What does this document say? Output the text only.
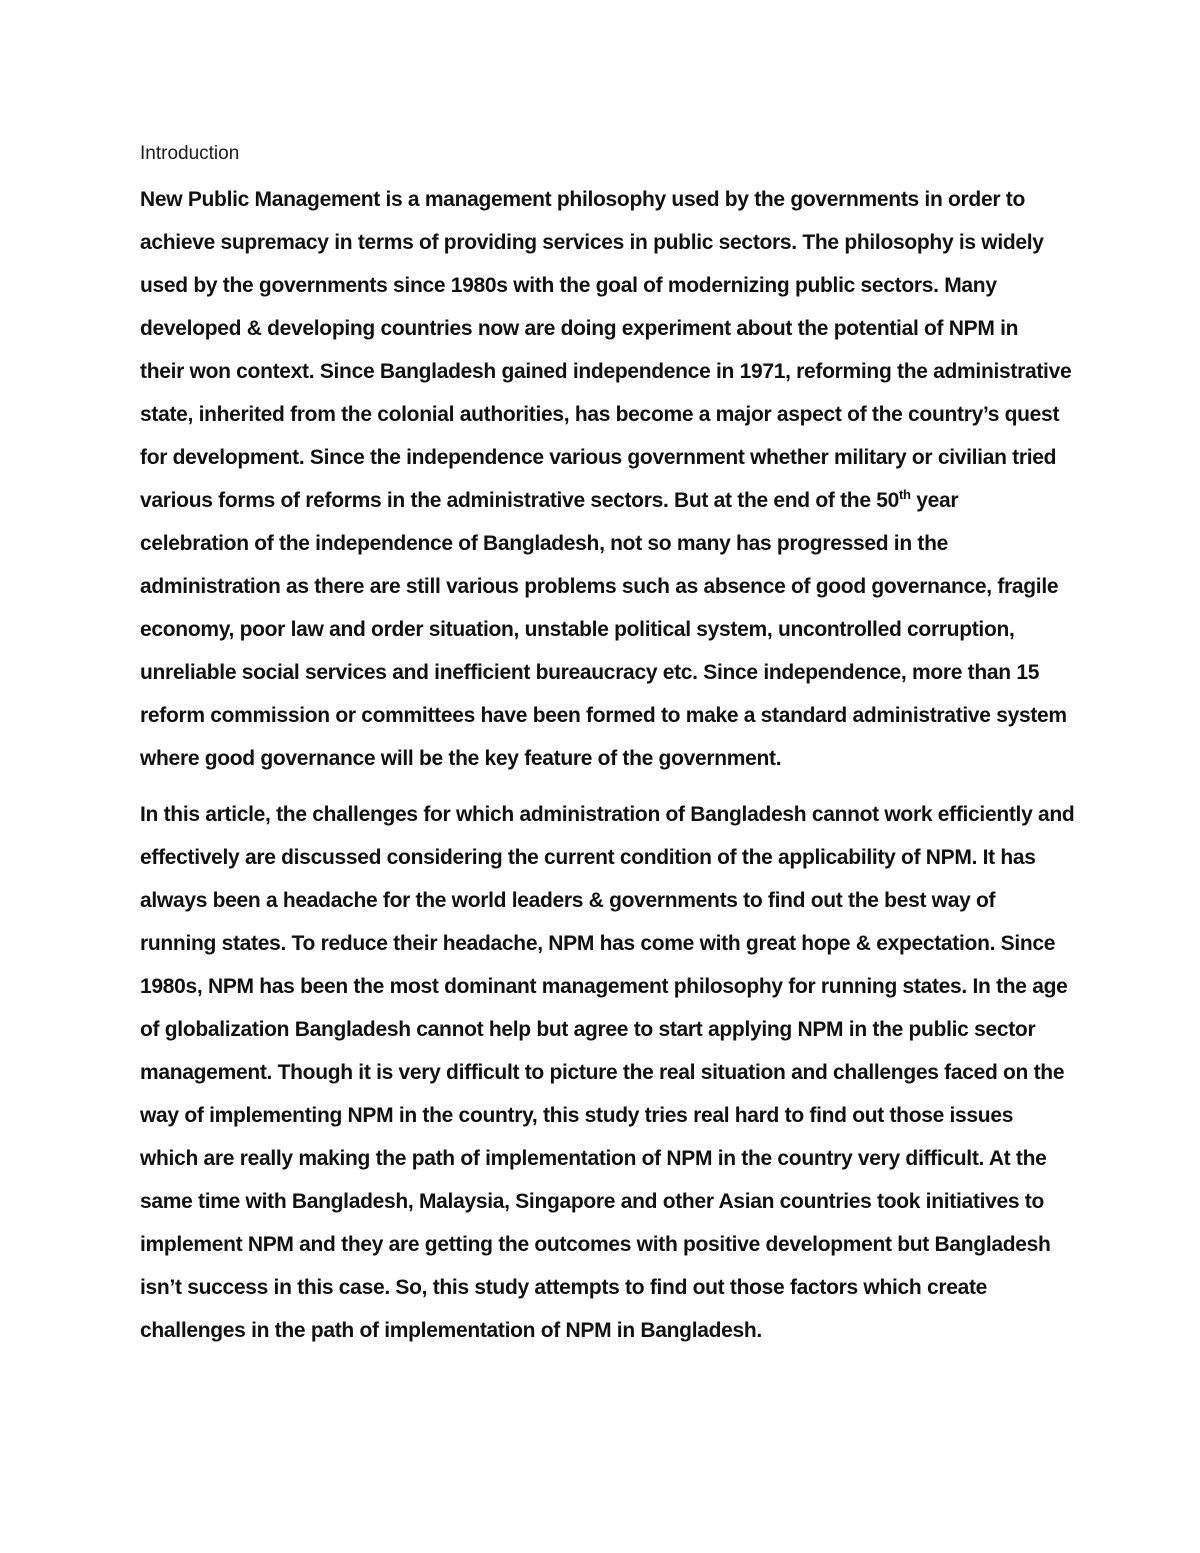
Introduction
New Public Management is a management philosophy used by the governments in order to
achieve supremacy in terms of providing services in public sectors. The philosophy is widely
used by the governments since 1980s with the goal of modernizing public sectors. Many
developed & developing countries now are doing experiment about the potential of NPM in
their won context. Since Bangladesh gained independence in 1971, reforming the administrative
state, inherited from the colonial authorities, has become a major aspect of the country’s quest
for development. Since the independence various government whether military or civilian tried
various forms of reforms in the administrative sectors. But at the end of the 50th year
celebration of the independence of Bangladesh, not so many has progressed in the
administration as there are still various problems such as absence of good governance, fragile
economy, poor law and order situation, unstable political system, uncontrolled corruption,
unreliable social services and inefficient bureaucracy etc. Since independence, more than 15
reform commission or committees have been formed to make a standard administrative system
where good governance will be the key feature of the government.
In this article, the challenges for which administration of Bangladesh cannot work efficiently and
effectively are discussed considering the current condition of the applicability of NPM. It has
always been a headache for the world leaders & governments to find out the best way of
running states. To reduce their headache, NPM has come with great hope & expectation. Since
1980s, NPM has been the most dominant management philosophy for running states. In the age
of globalization Bangladesh cannot help but agree to start applying NPM in the public sector
management. Though it is very difficult to picture the real situation and challenges faced on the
way of implementing NPM in the country, this study tries real hard to find out those issues
which are really making the path of implementation of NPM in the country very difficult. At the
same time with Bangladesh, Malaysia, Singapore and other Asian countries took initiatives to
implement NPM and they are getting the outcomes with positive development but Bangladesh
isn’t success in this case. So, this study attempts to find out those factors which create
challenges in the path of implementation of NPM in Bangladesh.
